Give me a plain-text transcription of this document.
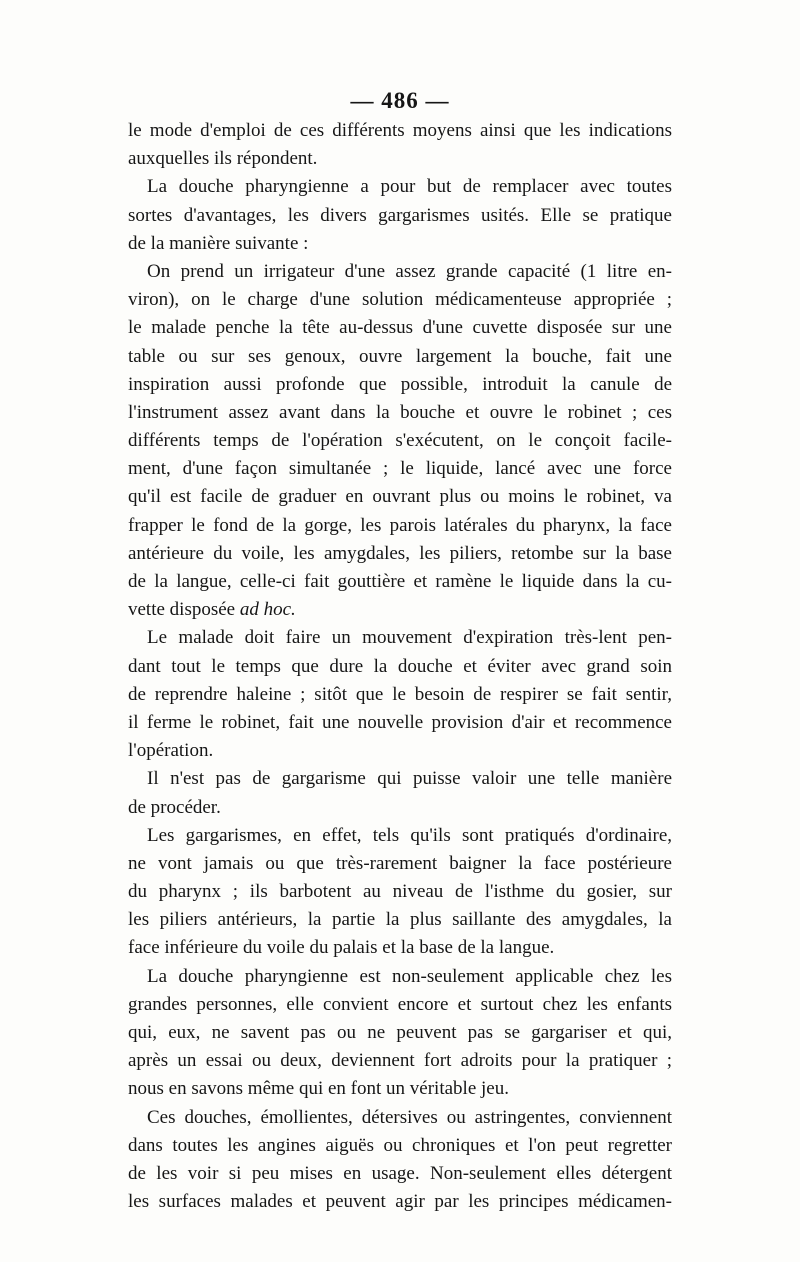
— 486 —
le mode d'emploi de ces différents moyens ainsi que les indications
auxquelles ils répondent.
La douche pharyngienne a pour but de remplacer avec toutes
sortes d'avantages, les divers gargarismes usités. Elle se pratique
de la manière suivante :
On prend un irrigateur d'une assez grande capacité (1 litre en-
viron), on le charge d'une solution médicamenteuse appropriée ;
le malade penche la tête au-dessus d'une cuvette disposée sur une
table ou sur ses genoux, ouvre largement la bouche, fait une
inspiration aussi profonde que possible, introduit la canule de
l'instrument assez avant dans la bouche et ouvre le robinet ; ces
différents temps de l'opération s'exécutent, on le conçoit facile-
ment, d'une façon simultanée ; le liquide, lancé avec une force
qu'il est facile de graduer en ouvrant plus ou moins le robinet, va
frapper le fond de la gorge, les parois latérales du pharynx, la face
antérieure du voile, les amygdales, les piliers, retombe sur la base
de la langue, celle-ci fait gouttière et ramène le liquide dans la cu-
vette disposée ad hoc.
Le malade doit faire un mouvement d'expiration très-lent pen-
dant tout le temps que dure la douche et éviter avec grand soin
de reprendre haleine ; sitôt que le besoin de respirer se fait sentir,
il ferme le robinet, fait une nouvelle provision d'air et recommence
l'opération.
Il n'est pas de gargarisme qui puisse valoir une telle manière
de procéder.
Les gargarismes, en effet, tels qu'ils sont pratiqués d'ordinaire,
ne vont jamais ou que très-rarement baigner la face postérieure
du pharynx ; ils barbotent au niveau de l'isthme du gosier, sur
les piliers antérieurs, la partie la plus saillante des amygdales, la
face inférieure du voile du palais et la base de la langue.
La douche pharyngienne est non-seulement applicable chez les
grandes personnes, elle convient encore et surtout chez les enfants
qui, eux, ne savent pas ou ne peuvent pas se gargariser et qui,
après un essai ou deux, deviennent fort adroits pour la pratiquer ;
nous en savons même qui en font un véritable jeu.
Ces douches, émollientes, détersives ou astringentes, conviennent
dans toutes les angines aiguës ou chroniques et l'on peut regretter
de les voir si peu mises en usage. Non-seulement elles détergent
les surfaces malades et peuvent agir par les principes médicamen-
